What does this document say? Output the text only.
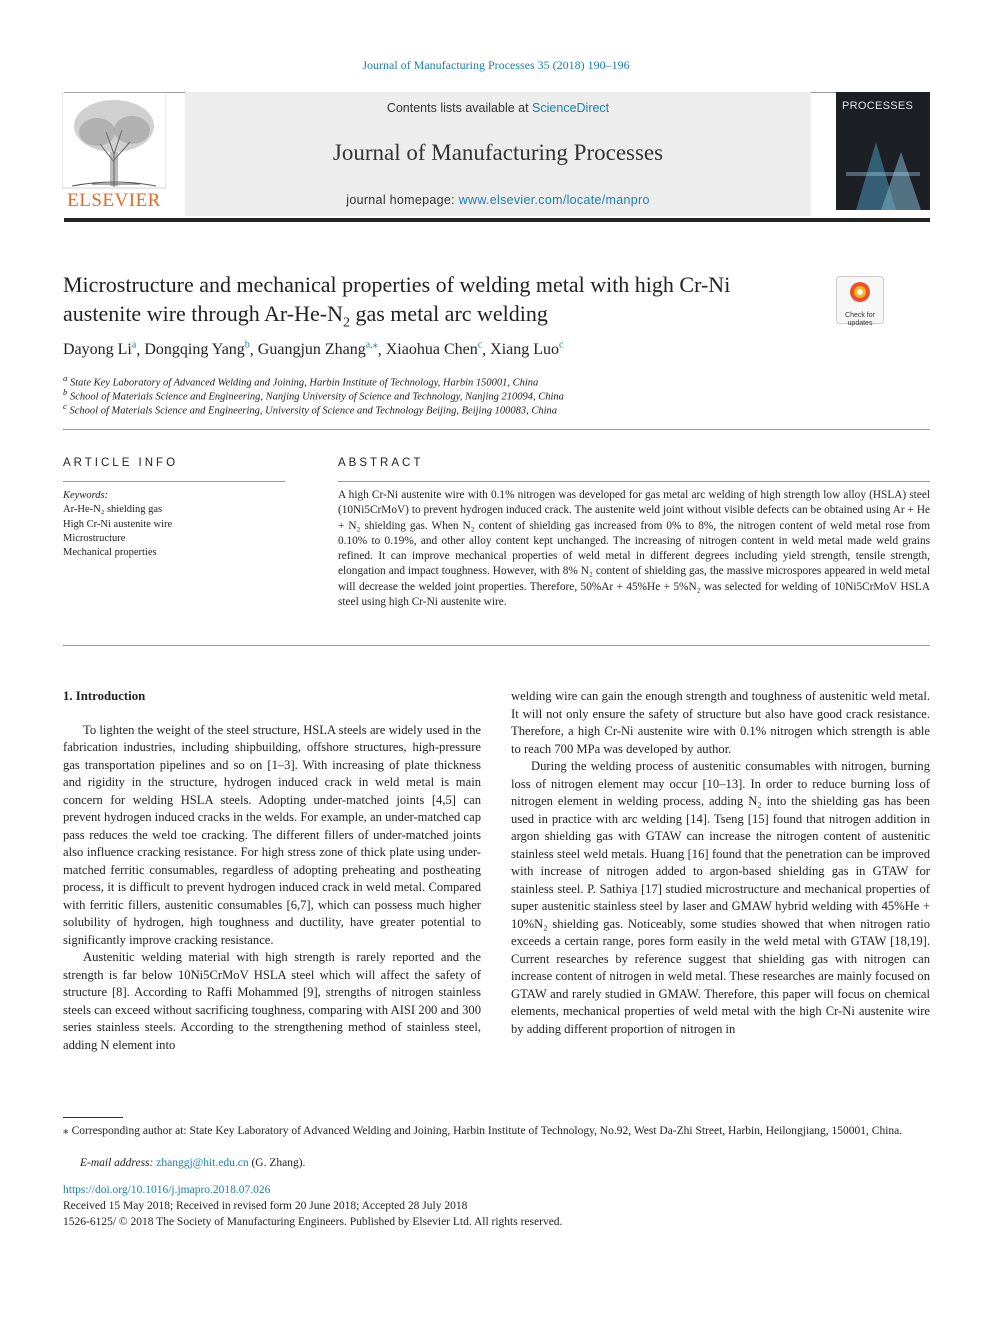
Journal of Manufacturing Processes 35 (2018) 190–196
Contents lists available at ScienceDirect
Journal of Manufacturing Processes
journal homepage: www.elsevier.com/locate/manpro
ELSEVIER
PROCESSES
Microstructure and mechanical properties of welding metal with high Cr-Ni
austenite wire through $Ar-He-N_2$ gas metal arc welding	Check for updates
Dayong Li$^a$, Dongqing Yang$^b$, Guangjun Zhang$^{a,⁎}$, Xiaohua Chen$^c$, Xiang Luo$^c$
$^a$ State Key Laboratory of Advanced Welding and Joining, Harbin Institute of Technology, Harbin 150001, China
$^b$ School of Materials Science and Engineering, Nanjing University of Science and Technology, Nanjing 210094, China
$^c$ School of Materials Science and Engineering, University of Science and Technology Beijing, Beijing 100083, China
ARTICLE INFO
Keywords:
Ar-He-N₂ shielding gas
High Cr-Ni austenite wire
Microstructure
Mechanical properties
ABSTRACT
A high Cr-Ni austenite wire with 0.1% nitrogen was developed for gas metal arc welding of high strength low alloy (HSLA) steel (10Ni5CrMoV) to prevent hydrogen induced crack. The austenite weld joint without visible defects can be obtained using Ar + He + N₂ shielding gas. When N₂ content of shielding gas increased from 0% to 8%, the nitrogen content of weld metal rose from 0.10% to 0.19%, and other alloy content kept unchanged. The increasing of nitrogen content in weld metal made weld grains refined. It can improve mechanical properties of weld metal in different degrees including yield strength, tensile strength, elongation and impact toughness. However, with 8% N₂ content of shielding gas, the massive microspores appeared in weld metal will decrease the welded joint properties. Therefore, 50%Ar + 45%He + 5%N₂ was selected for welding of 10Ni5CrMoV HSLA steel using high Cr-Ni austenite wire.
1. Introduction

To lighten the weight of the steel structure, HSLA steels are widely used in the fabrication industries, including shipbuilding, offshore structures, high-pressure gas transportation pipelines and so on [1–3]. With increasing of plate thickness and rigidity in the structure, hydrogen induced crack in weld metal is main concern for welding HSLA steels. Adopting under-matched joints [4,5] can prevent hydrogen induced cracks in the welds. For example, an under-matched cap pass reduces the weld toe cracking. The different fillers of under-matched joints also influence cracking resistance. For high stress zone of thick plate using under-matched ferritic consumables, regardless of adopting preheating and postheating process, it is difficult to prevent hydrogen induced crack in weld metal. Compared with ferritic fillers, austenitic consumables [6,7], which can possess much higher solubility of hydrogen, high toughness and ductility, have greater potential to significantly improve cracking resistance.

Austenitic welding material with high strength is rarely reported and the strength is far below 10Ni5CrMoV HSLA steel which will affect the safety of structure [8]. According to Raffi Mohammed [9], strengths of nitrogen stainless steels can exceed without sacrificing toughness, comparing with AISI 200 and 300 series stainless steels. According to the strengthening method of stainless steel, adding N element into

welding wire can gain the enough strength and toughness of austenitic weld metal. It will not only ensure the safety of structure but also have good crack resistance. Therefore, a high Cr-Ni austenite wire with 0.1% nitrogen which strength is able to reach 700 MPa was developed by author.

During the welding process of austenitic consumables with nitrogen, burning loss of nitrogen element may occur [10–13]. In order to reduce burning loss of nitrogen element in welding process, adding N₂ into the shielding gas has been used in practice with arc welding [14]. Tseng [15] found that nitrogen addition in argon shielding gas with GTAW can increase the nitrogen content of austenitic stainless steel weld metals. Huang [16] found that the penetration can be improved with increase of nitrogen added to argon-based shielding gas in GTAW for stainless steel. P. Sathiya [17] studied microstructure and mechanical properties of super austenitic stainless steel by laser and GMAW hybrid welding with 45%He + 10%N₂ shielding gas. Noticeably, some studies showed that when nitrogen ratio exceeds a certain range, pores form easily in the weld metal with GTAW [18,19]. Current researches by reference suggest that shielding gas with nitrogen can increase content of nitrogen in weld metal. These researches are mainly focused on GTAW and rarely studied in GMAW. Therefore, this paper will focus on chemical elements, mechanical properties of weld metal with the high Cr-Ni austenite wire by adding different proportion of nitrogen in

⁎ Corresponding author at: State Key Laboratory of Advanced Welding and Joining, Harbin Institute of Technology, No.92, West Da-Zhi Street, Harbin, Heilongjiang, 150001, China.
E-mail address: zhanggj@hit.edu.cn (G. Zhang).
https://doi.org/10.1016/j.jmapro.2018.07.026
Received 15 May 2018; Received in revised form 20 June 2018; Accepted 28 July 2018
1526-6125/ © 2018 The Society of Manufacturing Engineers. Published by Elsevier Ltd. All rights reserved.
